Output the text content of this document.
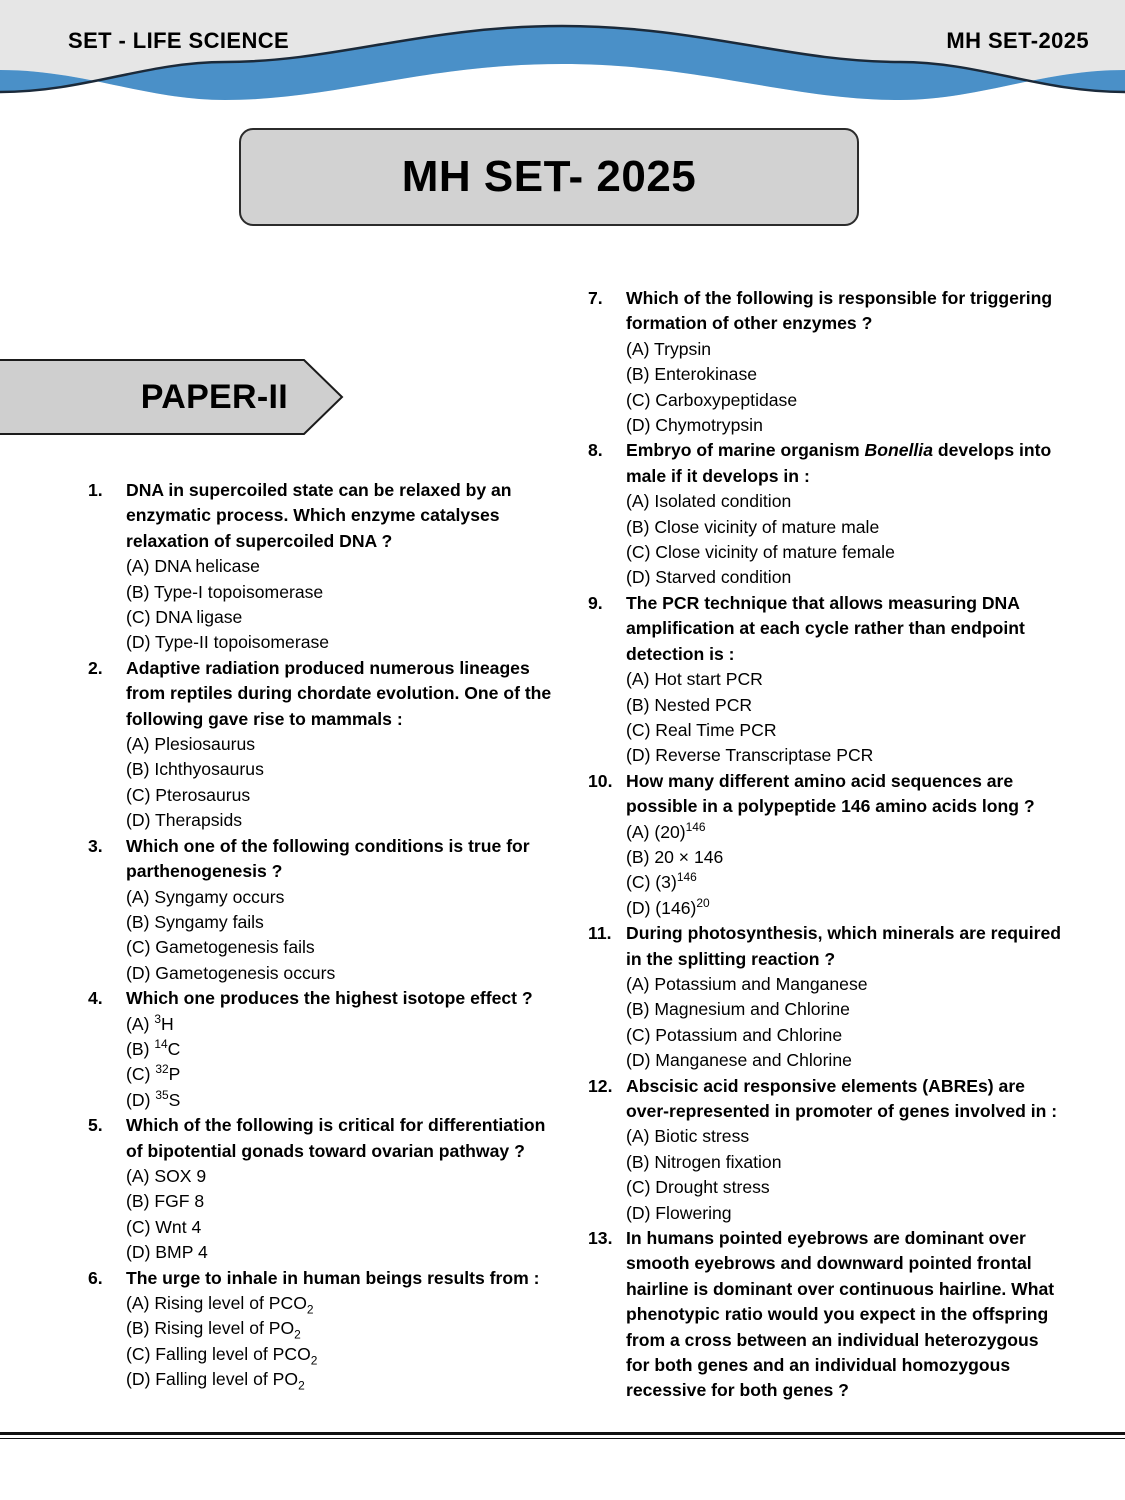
SET - LIFE SCIENCE	MH SET-2025
MH SET- 2025
PAPER-II
1.	DNA in supercoiled state can be relaxed by an enzymatic process. Which enzyme catalyses relaxation of supercoiled DNA ?
(A) DNA helicase
(B) Type-I topoisomerase
(C) DNA ligase
(D) Type-II topoisomerase
2.	Adaptive radiation produced numerous lineages from reptiles during chordate evolution. One of the following gave rise to mammals :
(A) Plesiosaurus
(B) Ichthyosaurus
(C) Pterosaurus
(D) Therapsids
3.	Which one of the following conditions is true for parthenogenesis ?
(A) Syngamy occurs
(B) Syngamy fails
(C) Gametogenesis fails
(D) Gametogenesis occurs
4.	Which one produces the highest isotope effect ?
(A) $^3$H
(B) $^{14}$C
(C) $^{32}$P
(D) $^{35}$S
5.	Which of the following is critical for differentiation of bipotential gonads toward ovarian pathway ?
(A) SOX 9
(B) FGF 8
(C) Wnt 4
(D) BMP 4
6.	The urge to inhale in human beings results from :
(A) Rising level of $PCO_2$
(B) Rising level of $PO_2$
(C) Falling level of $PCO_2$
(D) Falling level of $PO_2$
7.	Which of the following is responsible for triggering formation of other enzymes ?
(A) Trypsin
(B) Enterokinase
(C) Carboxypeptidase
(D) Chymotrypsin
8.	Embryo of marine organism Bonellia develops into male if it develops in :
(A) Isolated condition
(B) Close vicinity of mature male
(C) Close vicinity of mature female
(D) Starved condition
9.	The PCR technique that allows measuring DNA amplification at each cycle rather than endpoint detection is :
(A) Hot start PCR
(B) Nested PCR
(C) Real Time PCR
(D) Reverse Transcriptase PCR
10. How many different amino acid sequences are possible in a polypeptide 146 amino acids long ?
(A) $(20)^{146}$
(B) 20 × 146
(C) $(3)^{146}$
(D) $(146)^{20}$
11. During photosynthesis, which minerals are required in the splitting reaction ?
(A) Potassium and Manganese
(B) Magnesium and Chlorine
(C) Potassium and Chlorine
(D) Manganese and Chlorine
12. Abscisic acid responsive elements (ABREs) are over-represented in promoter of genes involved in :
(A) Biotic stress
(B) Nitrogen fixation
(C) Drought stress
(D) Flowering
13. In humans pointed eyebrows are dominant over smooth eyebrows and downward pointed frontal hairline is dominant over continuous hairline. What phenotypic ratio would you expect in the offspring from a cross between an individual heterozygous for both genes and an individual homozygous recessive for both genes ?
